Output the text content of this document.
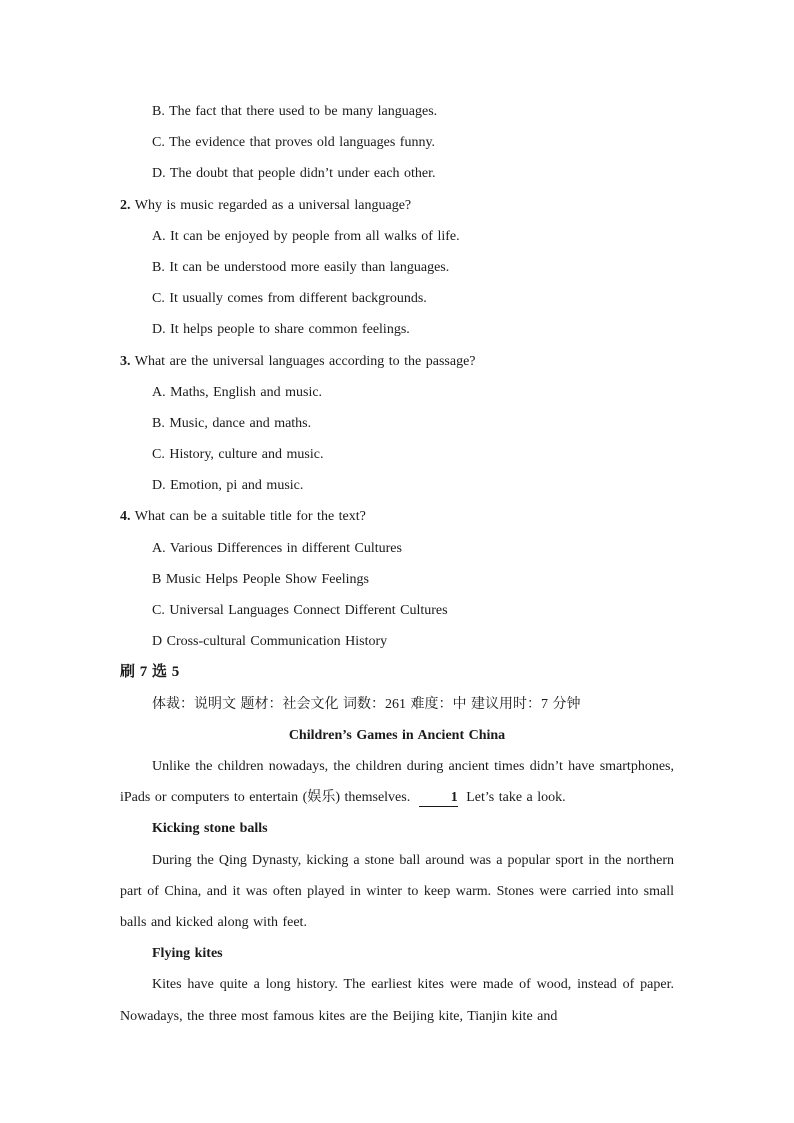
B. The fact that there used to be many languages.
C. The evidence that proves old languages funny.
D. The doubt that people didn’t under each other.
2. Why is music regarded as a universal language?
A. It can be enjoyed by people from all walks of life.
B. It can be understood more easily than languages.
C. It usually comes from different backgrounds.
D. It helps people to share common feelings.
3. What are the universal languages according to the passage?
A. Maths, English and music.
B. Music, dance and maths.
C. History, culture and music.
D. Emotion, pi and music.
4. What can be a suitable title for the text?
A. Various Differences in different Cultures
B Music Helps People Show Feelings
C. Universal Languages Connect Different Cultures
D Cross-cultural Communication History
刷 7 选 5
体裁：说明文 题材：社会文化 词数：261 难度：中 建议用时：7 分钟
Children’s Games in Ancient China

Unlike the children nowadays, the children during ancient times didn’t have smartphones, iPads or computers to entertain (娱乐) themselves.	1 Let’s take a look.

Kicking stone balls

During the Qing Dynasty, kicking a stone ball around was a popular sport in the northern part of China, and it was often played in winter to keep warm. Stones were carried into small balls and kicked along with feet.

Flying kites

Kites have quite a long history. The earliest kites were made of wood, instead of paper. Nowadays, the three most famous kites are the Beijing kite, Tianjin kite and
